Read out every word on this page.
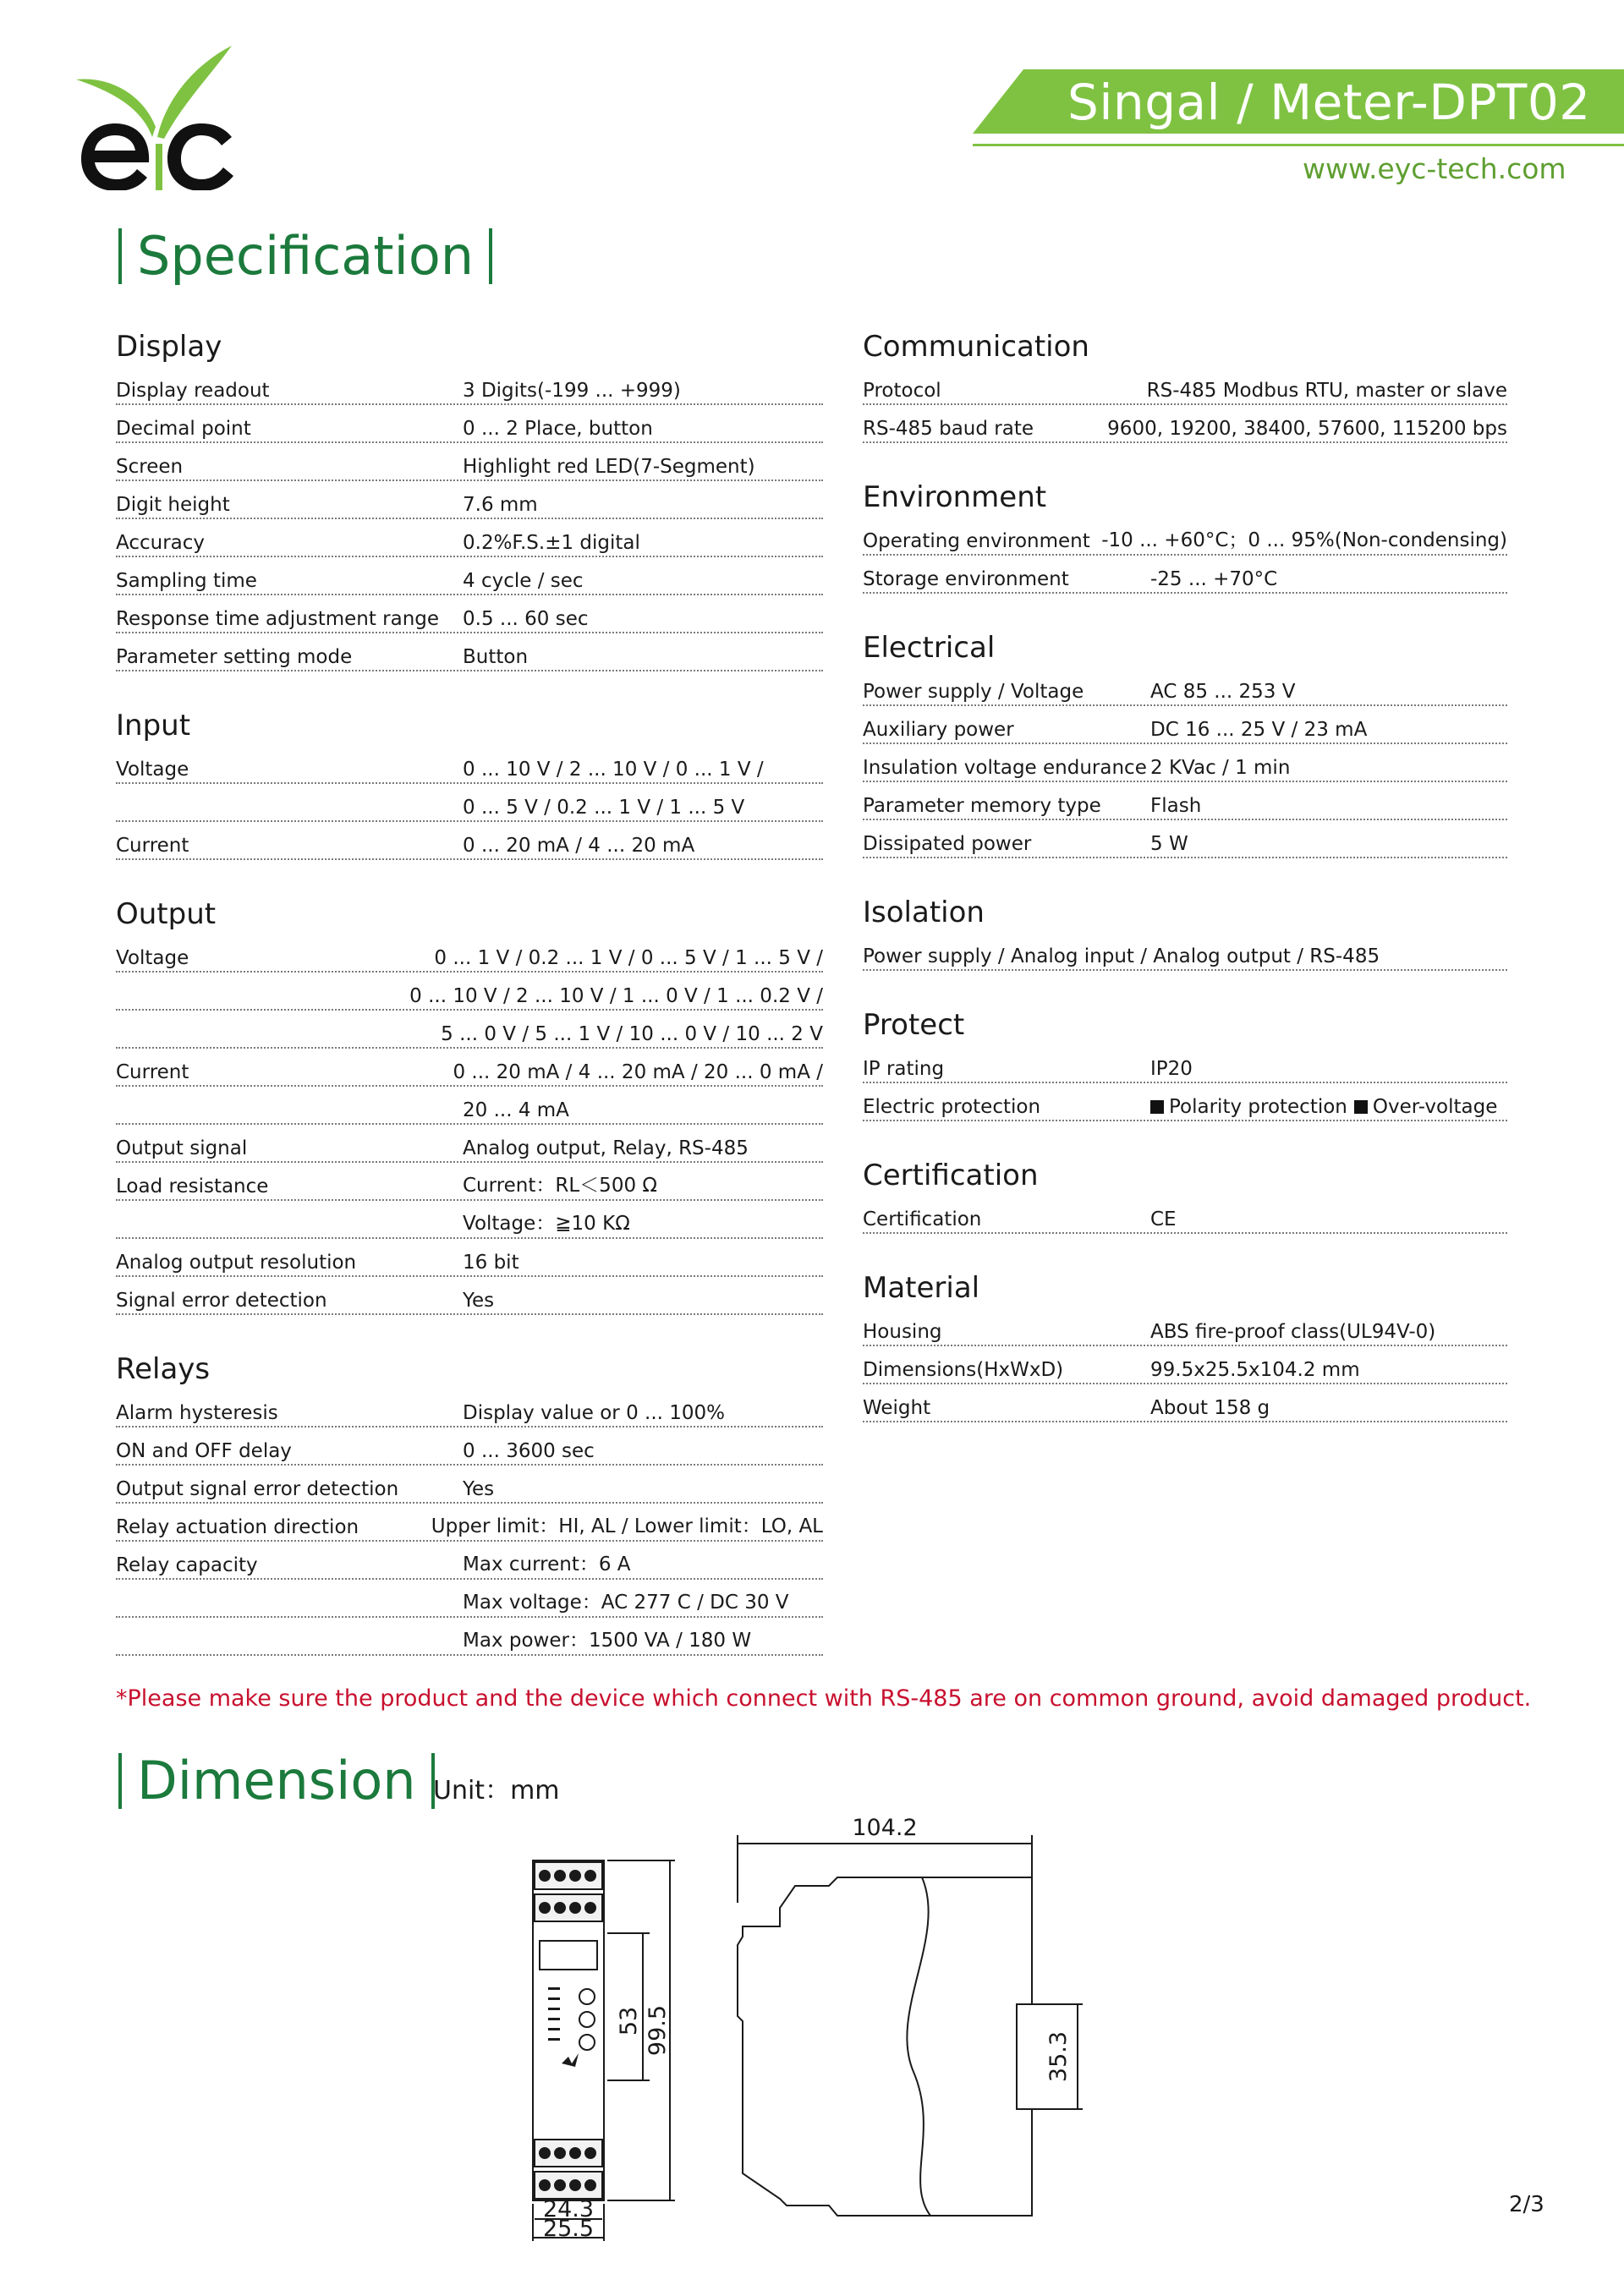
Singal / Meter-DPT02
www.eyc-tech.com
Specification
Display
Display readout	3 Digits(-199 ... +999)
Decimal point	0 ... 2 Place, button
Screen	Highlight red LED(7-Segment)
Digit height	7.6 mm
Accuracy	0.2%F.S.±1 digital
Sampling time	4 cycle / sec
Response time adjustment range	0.5 ... 60 sec
Parameter setting mode	Button
Input
Voltage	0 ... 10 V / 2 ... 10 V / 0 ... 1 V /
0 ... 5 V / 0.2 ... 1 V / 1 ... 5 V
Current	0 ... 20 mA / 4 ... 20 mA
Output
Voltage	0 ... 1 V / 0.2 ... 1 V / 0 ... 5 V / 1 ... 5 V /
0 ... 10 V / 2 ... 10 V / 1 ... 0 V / 1 ... 0.2 V /
5 ... 0 V / 5 ... 1 V / 10 ... 0 V / 10 ... 2 V
Current	0 ... 20 mA / 4 ... 20 mA / 20 ... 0 mA /
20 ... 4 mA
Output signal	Analog output, Relay, RS-485
Load resistance	Current：RL＜500 Ω
Voltage：≧10 KΩ
Analog output resolution	16 bit
Signal error detection	Yes
Relays
Alarm hysteresis	Display value or 0 ... 100%
ON and OFF delay	0 ... 3600 sec
Output signal error detection	Yes
Relay actuation direction	Upper limit：HI, AL / Lower limit：LO, AL
Relay capacity	Max current：6 A
Max voltage：AC 277 C / DC 30 V
Max power：1500 VA / 180 W
Communication
Protocol	RS-485 Modbus RTU, master or slave
RS-485 baud rate	9600, 19200, 38400, 57600, 115200 bps
Environment
Operating environment -10 ... +60°C；0 ... 95%(Non-condensing)
Storage environment	-25 ... +70°C
Electrical
Power supply / Voltage	AC 85 ... 253 V
Auxiliary power	DC 16 ... 25 V / 23 mA
Insulation voltage endurance 2 KVac / 1 min
Parameter memory type	Flash
Dissipated power	5 W
Isolation
Power supply / Analog input / Analog output / RS-485
Protect
IP rating	IP20
Electric protection	Polarity protection Over-voltage
Certification
Certification	CE
Material
Housing	ABS fire-proof class(UL94V-0)
Dimensions(HxWxD)	99.5x25.5x104.2 mm
Weight	About 158 g
*Please make sure the product and the device which connect with RS-485 are on common ground, avoid damaged product.
Dimension Unit：mm
53 99.5
24.3
25.5
104.2
35.3
2/3
